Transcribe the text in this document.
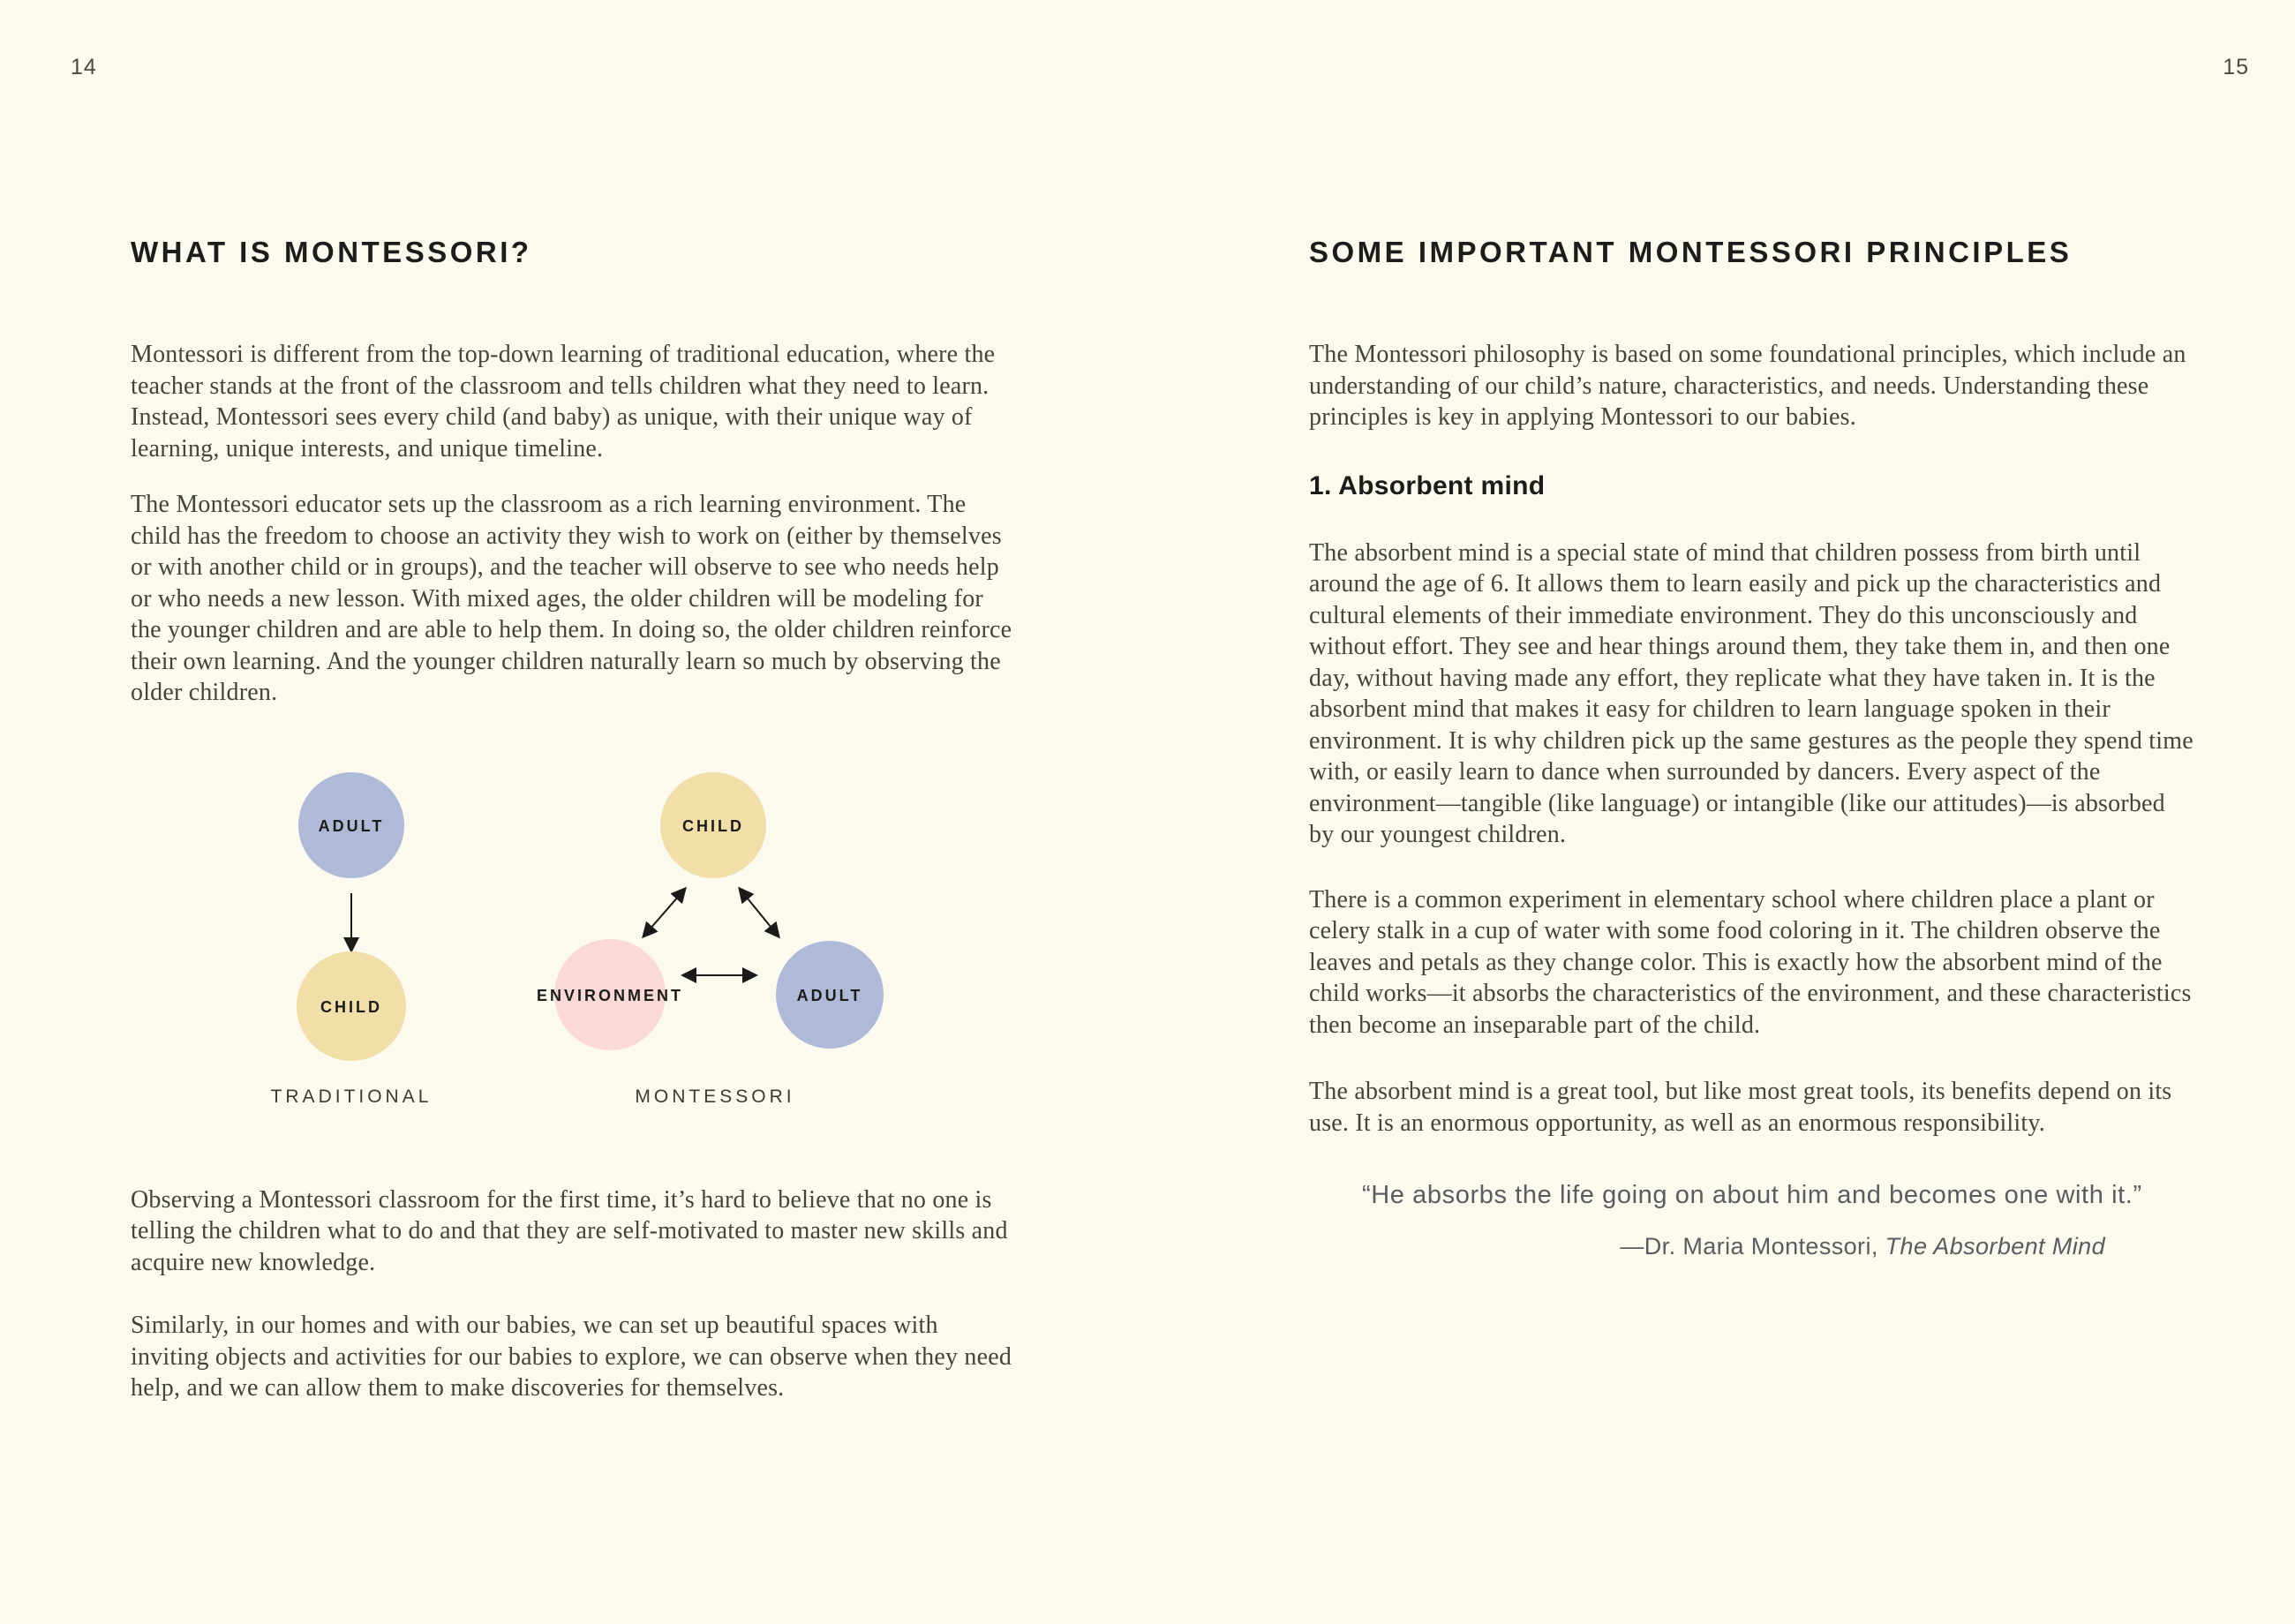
14	15
WHAT IS MONTESSORI?

Montessori is different from the top-down learning of traditional education, where the teacher stands at the front of the classroom and tells children what they need to learn. Instead, Montessori sees every child (and baby) as unique, with their unique way of learning, unique interests, and unique timeline.

The Montessori educator sets up the classroom as a rich learning environment. The child has the freedom to choose an activity they wish to work on (either by themselves or with another child or in groups), and the teacher will observe to see who needs help or who needs a new lesson. With mixed ages, the older children will be modeling for the younger children and are able to help them. In doing so, the older children reinforce their own learning. And the younger children naturally learn so much by observing the older children.

ADULT
CHILD
TRADITIONAL
CHILD
ENVIRONMENT	ADULT
MONTESSORI

Observing a Montessori classroom for the first time, it’s hard to believe that no one is telling the children what to do and that they are self-motivated to master new skills and acquire new knowledge.

Similarly, in our homes and with our babies, we can set up beautiful spaces with inviting objects and activities for our babies to explore, we can observe when they need help, and we can allow them to make discoveries for themselves.

SOME IMPORTANT MONTESSORI PRINCIPLES

The Montessori philosophy is based on some foundational principles, which include an understanding of our child’s nature, characteristics, and needs. Understanding these principles is key in applying Montessori to our babies.

1. Absorbent mind

The absorbent mind is a special state of mind that children possess from birth until around the age of 6. It allows them to learn easily and pick up the characteristics and cultural elements of their immediate environment. They do this unconsciously and without effort. They see and hear things around them, they take them in, and then one day, without having made any effort, they replicate what they have taken in. It is the absorbent mind that makes it easy for children to learn language spoken in their environment. It is why children pick up the same gestures as the people they spend time with, or easily learn to dance when surrounded by dancers. Every aspect of the environment—tangible (like language) or intangible (like our attitudes)—is absorbed by our youngest children.

There is a common experiment in elementary school where children place a plant or celery stalk in a cup of water with some food coloring in it. The children observe the leaves and petals as they change color. This is exactly how the absorbent mind of the child works—it absorbs the characteristics of the environment, and these characteristics then become an inseparable part of the child.

The absorbent mind is a great tool, but like most great tools, its benefits depend on its use. It is an enormous opportunity, as well as an enormous responsibility.

“He absorbs the life going on about him and becomes one with it.”
—Dr. Maria Montessori, The Absorbent Mind
